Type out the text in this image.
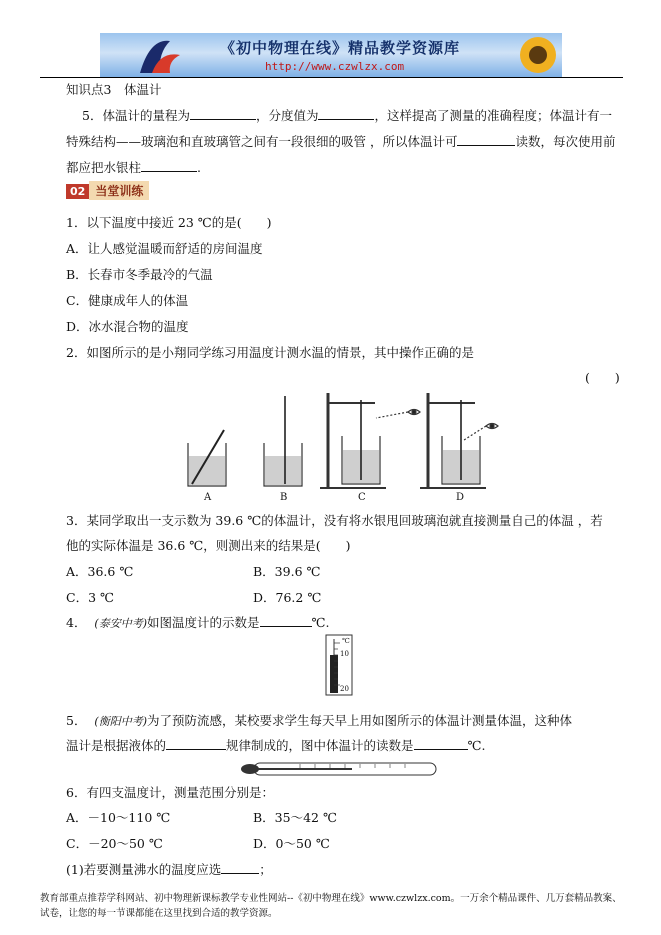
《初中物理在线》精品教学资源库
http://www.czwlzx.com
知识点3　体温计
5．体温计的量程为	，分度值为	，这样提高了测量的准确程度；体温计有一
特殊结构——玻璃泡和直玻璃管之间有一段很细的吸管 ，所以体温计可	读数，每次使用前
都应把水银柱	.
02 当堂训练
1．以下温度中接近 23 ℃的是(　　)
A．让人感觉温暖而舒适的房间温度
B．长春市冬季最冷的气温
C．健康成年人的体温
D．冰水混合物的温度
2．如图所示的是小翔同学练习用温度计测水温的情景，其中操作正确的是
(　　)
A	B	C	D
3．某同学取出一支示数为 39.6 ℃的体温计，没有将水银甩回玻璃泡就直接测量自己的体温 ，若
他的实际体温是 36.6 ℃，则测出来的结果是(　　)
A．36.6 ℃	B．39.6 ℃
C．3 ℃	D．76.2 ℃
4． (泰安中考)如图温度计的示数是	℃.
℃
10
20
5． (衡阳中考)为了预防流感，某校要求学生每天早上用如图所示的体温计测量体温，这种体
温计是根据液体的	规律制成的，图中体温计的读数是	℃.
6．有四支温度计，测量范围分别是：
A．－10～110 ℃	B．35～42 ℃
C．－20～50 ℃	D．0～50 ℃
(1)若要测量沸水的温度应选	；
教育部重点推荐学科网站、初中物理新课标教学专业性网站--《初中物理在线》www.czwlzx.com。一万余个精品课件、几万套精品教案、试卷，让您的每一节课都能在这里找到合适的教学资源。
